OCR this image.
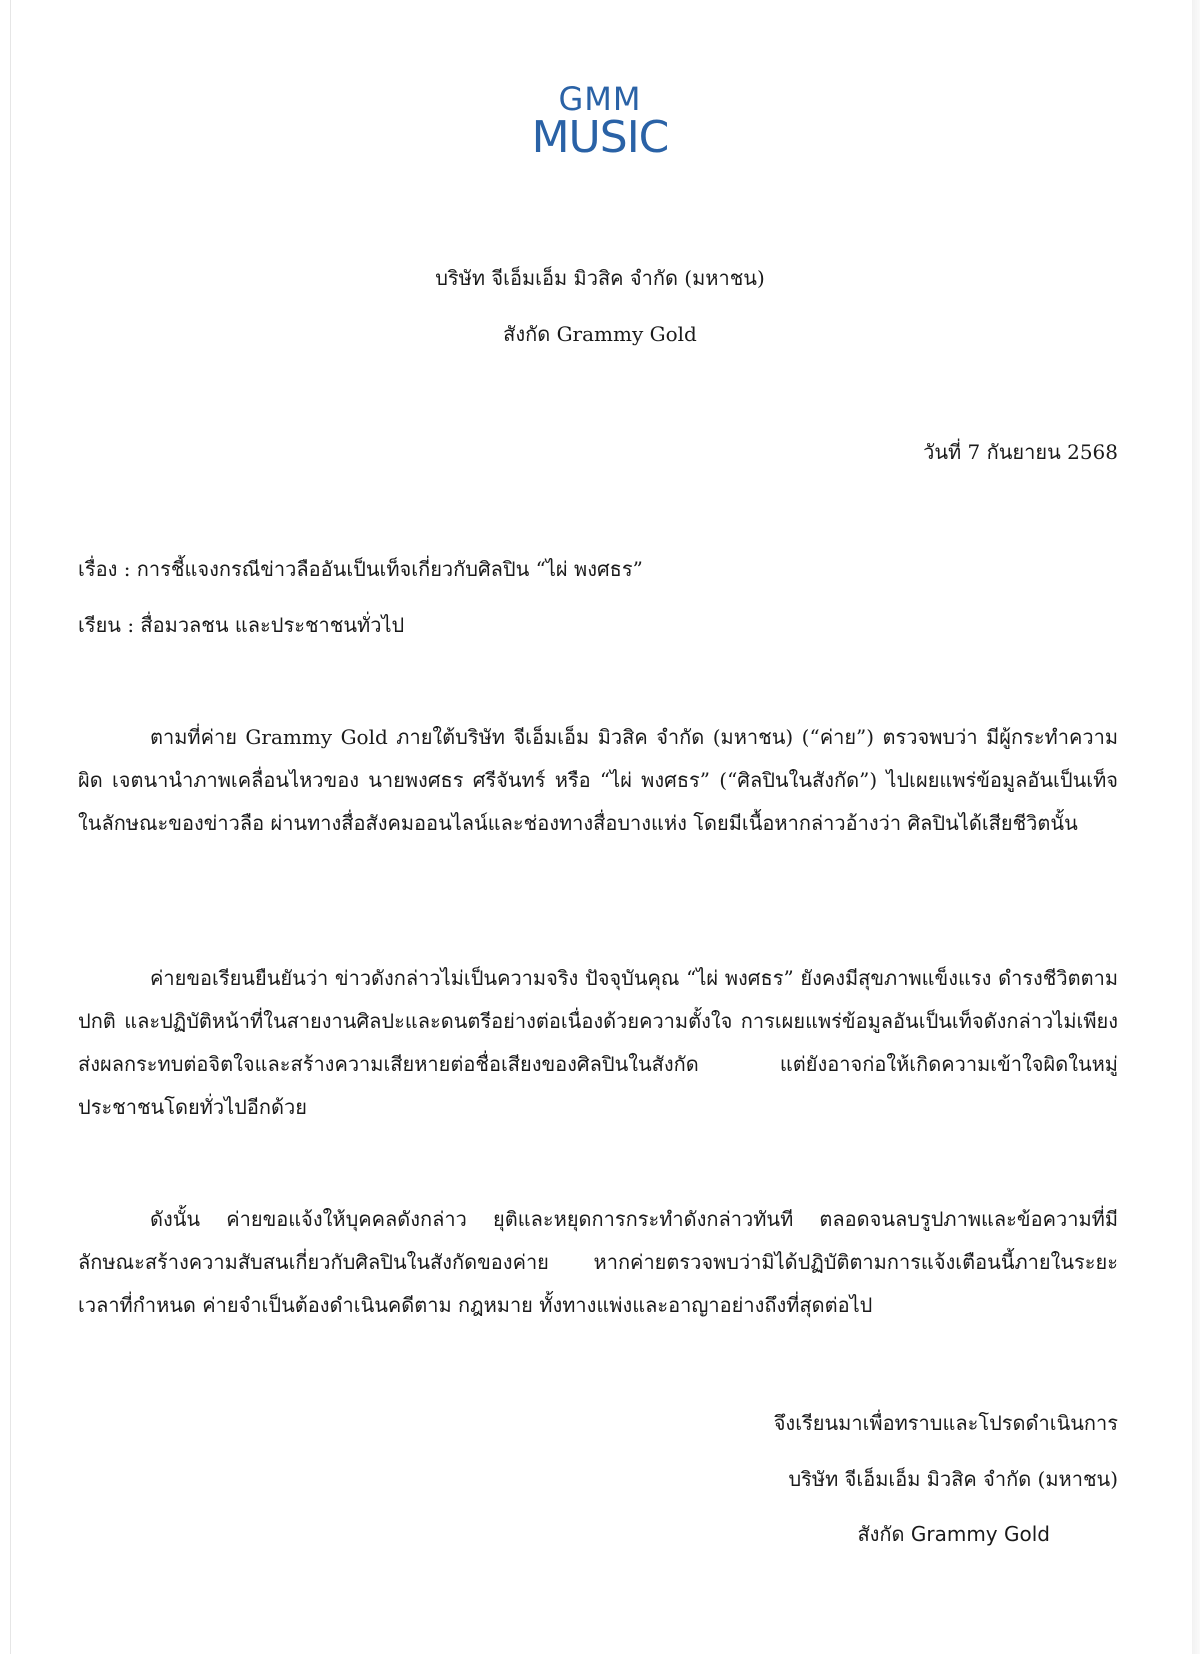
GMM
MUSIC
บริษัท จีเอ็มเอ็ม มิวสิค จำกัด (มหาชน)
สังกัด Grammy Gold
วันที่ 7 กันยายน 2568
เรื่อง : การชี้แจงกรณีข่าวลืออันเป็นเท็จเกี่ยวกับศิลปิน “ไผ่ พงศธร”
เรียน : สื่อมวลชน และประชาชนทั่วไป
ตามที่ค่าย Grammy Gold ภายใต้บริษัท จีเอ็มเอ็ม มิวสิค จำกัด (มหาชน) (“ค่าย”) ตรวจพบว่า มีผู้กระทำความผิด เจตนานำภาพเคลื่อนไหวของ นายพงศธร ศรีจันทร์ หรือ “ไผ่ พงศธร” (“ศิลปินในสังกัด”) ไปเผยแพร่ข้อมูลอันเป็นเท็จในลักษณะของข่าวลือ ผ่านทางสื่อสังคมออนไลน์และช่องทางสื่อบางแห่ง โดยมีเนื้อหากล่าวอ้างว่า ศิลปินได้เสียชีวิตนั้น
ค่ายขอเรียนยืนยันว่า ข่าวดังกล่าวไม่เป็นความจริง ปัจจุบันคุณ “ไผ่ พงศธร” ยังคงมีสุขภาพแข็งแรง ดำรงชีวิตตามปกติ และปฏิบัติหน้าที่ในสายงานศิลปะและดนตรีอย่างต่อเนื่องด้วยความตั้งใจ การเผยแพร่ข้อมูลอันเป็นเท็จดังกล่าวไม่เพียงส่งผลกระทบต่อจิตใจและสร้างความเสียหายต่อชื่อเสียงของศิลปินในสังกัด แต่ยังอาจก่อให้เกิดความเข้าใจผิดในหมู่ประชาชนโดยทั่วไปอีกด้วย
ดังนั้น ค่ายขอแจ้งให้บุคคลดังกล่าว ยุติและหยุดการกระทำดังกล่าวทันที ตลอดจนลบรูปภาพและข้อความที่มีลักษณะสร้างความสับสนเกี่ยวกับศิลปินในสังกัดของค่าย หากค่ายตรวจพบว่ามิได้ปฏิบัติตามการแจ้งเตือนนี้ภายในระยะเวลาที่กำหนด ค่ายจำเป็นต้องดำเนินคดีตาม กฎหมาย ทั้งทางแพ่งและอาญาอย่างถึงที่สุดต่อไป
จึงเรียนมาเพื่อทราบและโปรดดำเนินการ
บริษัท จีเอ็มเอ็ม มิวสิค จำกัด (มหาชน)
สังกัด Grammy Gold
